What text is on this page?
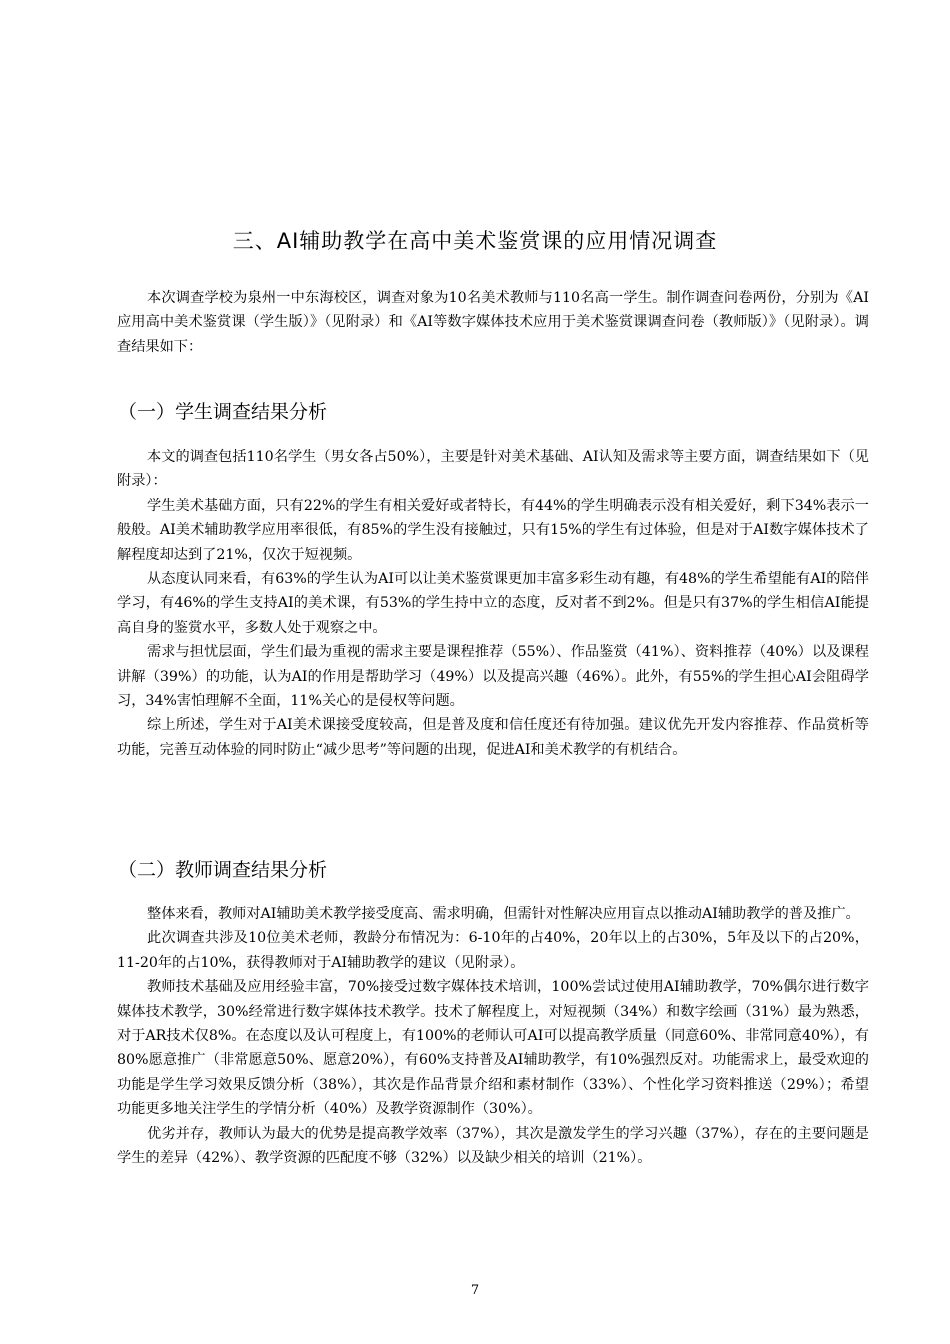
三、AI辅助教学在高中美术鉴赏课的应用情况调查

本次调查学校为泉州一中东海校区，调查对象为10名美术教师与110名高一学生。制作调查问卷两份，分别为《AI应用高中美术鉴赏课（学生版）》（见附录）和《AI等数字媒体技术应用于美术鉴赏课调查问卷（教师版）》（见附录）。调查结果如下：

（一）学生调查结果分析

本文的调查包括110名学生（男女各占50%），主要是针对美术基础、AI认知及需求等主要方面，调查结果如下（见附录）：

学生美术基础方面，只有22%的学生有相关爱好或者特长，有44%的学生明确表示没有相关爱好，剩下34%表示一般般。AI美术辅助教学应用率很低，有85%的学生没有接触过，只有15%的学生有过体验，但是对于AI数字媒体技术了解程度却达到了21%，仅次于短视频。

从态度认同来看，有63%的学生认为AI可以让美术鉴赏课更加丰富多彩生动有趣，有48%的学生希望能有AI的陪伴学习，有46%的学生支持AI的美术课，有53%的学生持中立的态度，反对者不到2%。但是只有37%的学生相信AI能提高自身的鉴赏水平，多数人处于观察之中。

需求与担忧层面，学生们最为重视的需求主要是课程推荐（55%）、作品鉴赏（41%）、资料推荐（40%）以及课程讲解（39%）的功能，认为AI的作用是帮助学习（49%）以及提高兴趣（46%）。此外，有55%的学生担心AI会阻碍学习，34%害怕理解不全面，11%关心的是侵权等问题。

综上所述，学生对于AI美术课接受度较高，但是普及度和信任度还有待加强。建议优先开发内容推荐、作品赏析等功能，完善互动体验的同时防止“减少思考”等问题的出现，促进AI和美术教学的有机结合。

（二）教师调查结果分析

整体来看，教师对AI辅助美术教学接受度高、需求明确，但需针对性解决应用盲点以推动AI辅助教学的普及推广。

此次调查共涉及10位美术老师，教龄分布情况为：6-10年的占40%，20年以上的占30%，5年及以下的占20%，11-20年的占10%，获得教师对于AI辅助教学的建议（见附录）。

教师技术基础及应用经验丰富，70%接受过数字媒体技术培训，100%尝试过使用AI辅助教学，70%偶尔进行数字媒体技术教学，30%经常进行数字媒体技术教学。技术了解程度上，对短视频（34%）和数字绘画（31%）最为熟悉，对于AR技术仅8%。在态度以及认可程度上，有100%的老师认可AI可以提高教学质量（同意60%、非常同意40%），有80%愿意推广（非常愿意50%、愿意20%），有60%支持普及AI辅助教学，有10%强烈反对。功能需求上，最受欢迎的功能是学生学习效果反馈分析（38%），其次是作品背景介绍和素材制作（33%）、个性化学习资料推送（29%）；希望功能更多地关注学生的学情分析（40%）及教学资源制作（30%）。

优劣并存，教师认为最大的优势是提高教学效率（37%），其次是激发学生的学习兴趣（37%），存在的主要问题是学生的差异（42%）、教学资源的匹配度不够（32%）以及缺少相关的培训（21%）。

7
